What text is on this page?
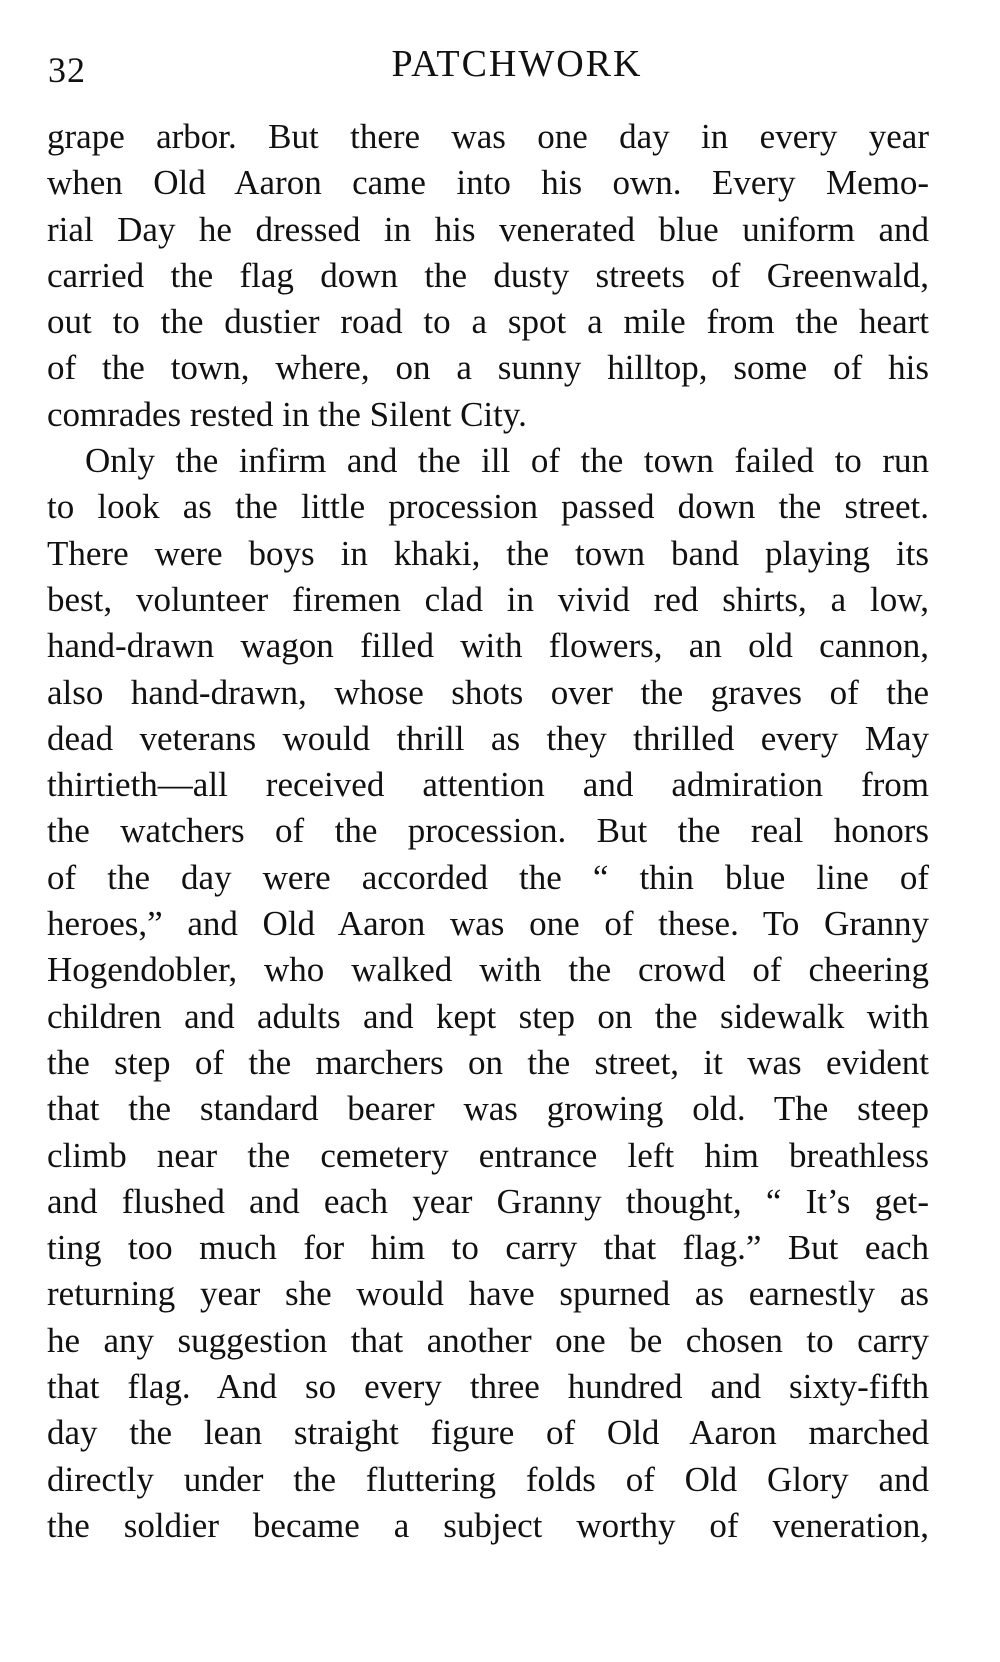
32	PATCHWORK
grape arbor. But there was one day in every year
when Old Aaron came into his own. Every Memo-
rial Day he dressed in his venerated blue uniform and
carried the flag down the dusty streets of Greenwald,
out to the dustier road to a spot a mile from the heart
of the town, where, on a sunny hilltop, some of his
comrades rested in the Silent City.
Only the infirm and the ill of the town failed to run
to look as the little procession passed down the street.
There were boys in khaki, the town band playing its
best, volunteer firemen clad in vivid red shirts, a low,
hand-drawn wagon filled with flowers, an old cannon,
also hand-drawn, whose shots over the graves of the
dead veterans would thrill as they thrilled every May
thirtieth—all received attention and admiration from
the watchers of the procession. But the real honors
of the day were accorded the “ thin blue line of
heroes,” and Old Aaron was one of these. To Granny
Hogendobler, who walked with the crowd of cheering
children and adults and kept step on the sidewalk with
the step of the marchers on the street, it was evident
that the standard bearer was growing old. The steep
climb near the cemetery entrance left him breathless
and flushed and each year Granny thought, “ It’s get-
ting too much for him to carry that flag.” But each
returning year she would have spurned as earnestly as
he any suggestion that another one be chosen to carry
that flag. And so every three hundred and sixty-fifth
day the lean straight figure of Old Aaron marched
directly under the fluttering folds of Old Glory and
the soldier became a subject worthy of veneration,
